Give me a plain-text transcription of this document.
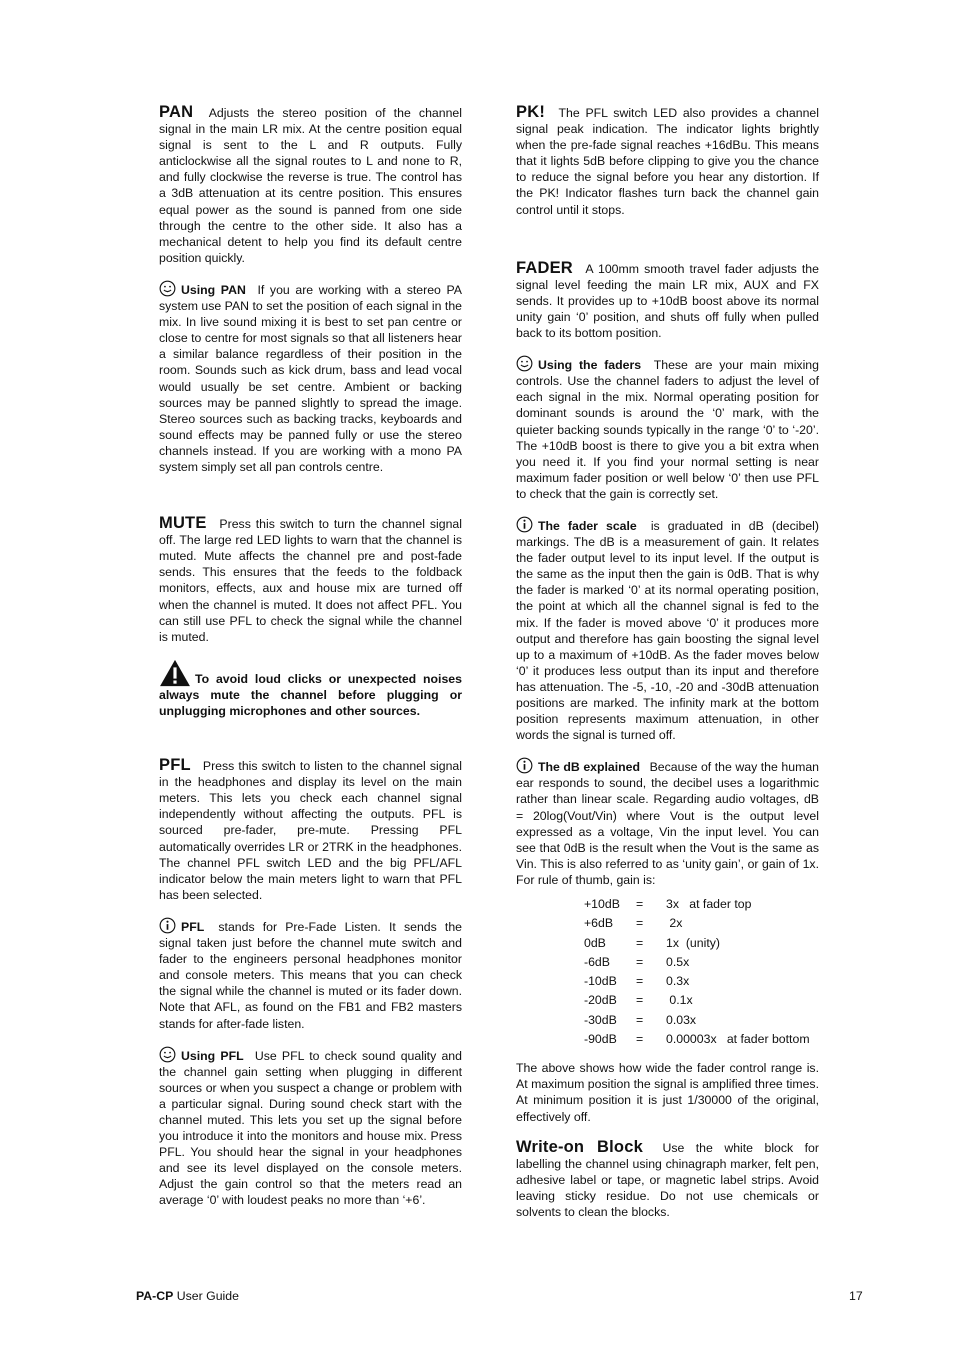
PAN Adjusts the stereo position of the channel signal in the main LR mix. At the centre position equal signal is sent to the L and R outputs. Fully anticlockwise all the signal routes to L and none to R, and fully clockwise the reverse is true. The control has a 3dB attenuation at its centre position. This ensures equal power as the sound is panned from one side through the centre to the other side. It also has a mechanical detent to help you find its default centre position quickly.

Using PAN If you are working with a stereo PA system use PAN to set the position of each signal in the mix. In live sound mixing it is best to set pan centre or close to centre for most signals so that all listeners hear a similar balance regardless of their position in the room. Sounds such as kick drum, bass and lead vocal would usually be set centre. Ambient or backing sources may be panned slightly to spread the image. Stereo sources such as backing tracks, keyboards and sound effects may be panned fully or use the stereo channels instead. If you are working with a mono PA system simply set all pan controls centre.

MUTE Press this switch to turn the channel signal off. The large red LED lights to warn that the channel is muted. Mute affects the channel pre and post-fade sends. This ensures that the feeds to the foldback monitors, effects, aux and house mix are turned off when the channel is muted. It does not affect PFL. You can still use PFL to check the signal while the channel is muted.

To avoid loud clicks or unexpected noises always mute the channel before plugging or unplugging microphones and other sources.

PFL Press this switch to listen to the channel signal in the headphones and display its level on the main meters. This lets you check each channel signal independently without affecting the outputs. PFL is sourced pre-fader, pre-mute. Pressing PFL automatically overrides LR or 2TRK in the headphones. The channel PFL switch LED and the big PFL/AFL indicator below the main meters light to warn that PFL has been selected.

PFL stands for Pre-Fade Listen. It sends the signal taken just before the channel mute switch and fader to the engineers personal headphones monitor and console meters. This means that you can check the signal while the channel is muted or its fader down. Note that AFL, as found on the FB1 and FB2 masters stands for after-fade listen.

Using PFL Use PFL to check sound quality and the channel gain setting when plugging in different sources or when you suspect a change or problem with a particular signal. During sound check start with the channel muted. This lets you set up the signal before you introduce it into the monitors and house mix. Press PFL. You should hear the signal in your headphones and see its level displayed on the console meters. Adjust the gain control so that the meters read an average ‘0’ with loudest peaks no more than ‘+6’.

PK! The PFL switch LED also provides a channel signal peak indication. The indicator lights brightly when the pre-fade signal reaches +16dBu. This means that it lights 5dB before clipping to give you the chance to reduce the signal before you hear any distortion. If the PK! Indicator flashes turn back the channel gain control until it stops.

FADER A 100mm smooth travel fader adjusts the signal level feeding the main LR mix, AUX and FX sends. It provides up to +10dB boost above its normal unity gain ‘0’ position, and shuts off fully when pulled back to its bottom position.

Using the faders These are your main mixing controls. Use the channel faders to adjust the level of each signal in the mix. Normal operating position for dominant sounds is around the ‘0’ mark, with the quieter backing sounds typically in the range ‘0’ to ‘-20’. The +10dB boost is there to give you a bit extra when you need it. If you find your normal setting is near maximum fader position or well below ‘0’ then use PFL to check that the gain is correctly set.

The fader scale is graduated in dB (decibel) markings. The dB is a measurement of gain. It relates the fader output level to its input level. If the output is the same as the input then the gain is 0dB. That is why the fader is marked ‘0’ at its normal operating position, the point at which all the channel signal is fed to the mix. If the fader is moved above ‘0’ it produces more output and therefore has gain boosting the signal level up to a maximum of +10dB. As the fader moves below ‘0’ it produces less output than its input and therefore has attenuation. The -5, -10, -20 and -30dB attenuation positions are marked. The infinity mark at the bottom position represents maximum attenuation, in other words the signal is turned off.

The dB explained Because of the way the human ear responds to sound, the decibel uses a logarithmic rather than linear scale. Regarding audio voltages, dB = 20log(Vout/Vin) where Vout is the output level expressed as a voltage, Vin the input level. You can see that 0dB is the result when the Vout is the same as Vin. This is also referred to as ‘unity gain’, or gain of 1x. For rule of thumb, gain is:

+10dB	=	3x   at fader top
+6dB	=	2x
0dB	=	1x  (unity)
-6dB	=	0.5x
-10dB	=	0.3x
-20dB	=	0.1x
-30dB	=	0.03x
-90dB	=	0.00003x   at fader bottom

The above shows how wide the fader control range is. At maximum position the signal is amplified three times. At minimum position it is just 1/30000 of the original, effectively off.

Write-on Block Use the white block for labelling the channel using chinagraph marker, felt pen, adhesive label or tape, or magnetic label strips. Avoid leaving sticky residue. Do not use chemicals or solvents to clean the blocks.

PA-CP User Guide	17
